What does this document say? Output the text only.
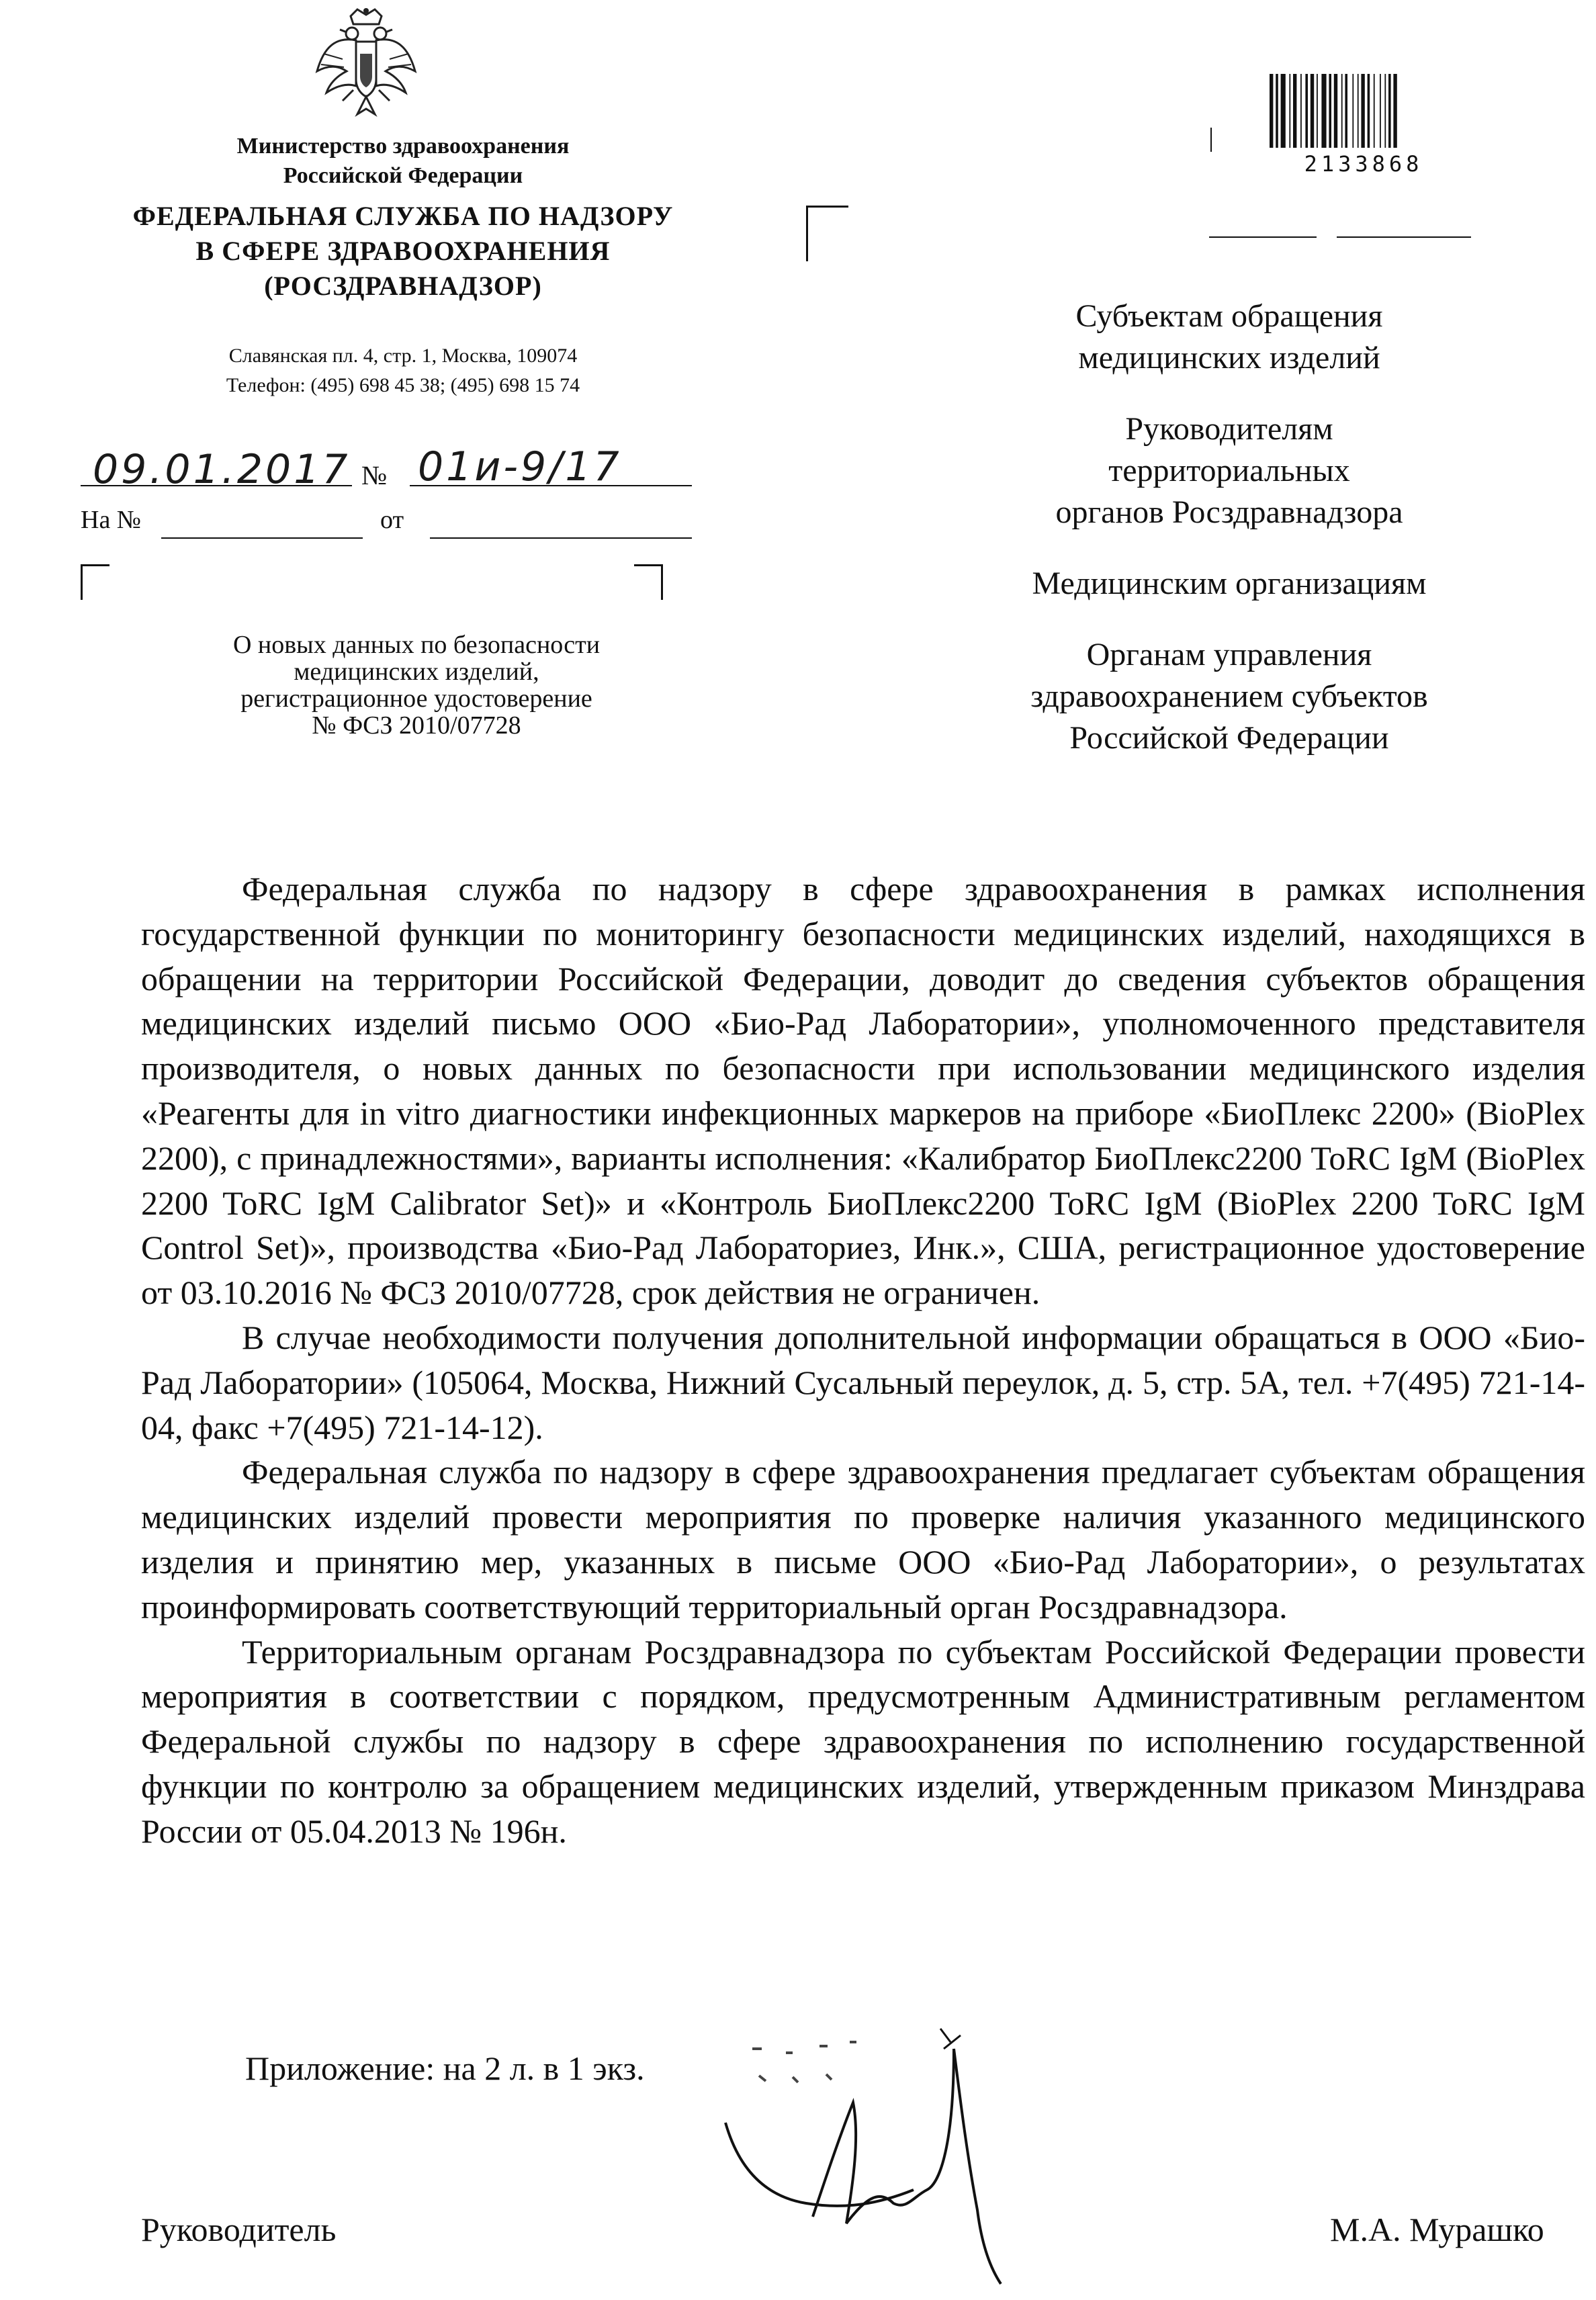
Министерство здравоохранения
Российской Федерации
ФЕДЕРАЛЬНАЯ СЛУЖБА ПО НАДЗОРУ
В СФЕРЕ ЗДРАВООХРАНЕНИЯ
(РОСЗДРАВНАДЗОР)
Славянская пл. 4, стр. 1, Москва, 109074
Телефон: (495) 698 45 38; (495) 698 15 74
09.01.2017 № 01и-9/17
На №	от
О новых данных по безопасности
медицинских изделий,
регистрационное удостоверение
№ ФСЗ 2010/07728
2133868

Субъектам обращения
медицинских изделий

Руководителям
территориальных
органов Росздравнадзора

Медицинским организациям

Органам управления
здравоохранением субъектов
Российской Федерации

Федеральная служба по надзору в сфере здравоохранения в рамках исполнения государственной функции по мониторингу безопасности медицинских изделий, находящихся в обращении на территории Российской Федерации, доводит до сведения субъектов обращения медицинских изделий письмо ООО «Био-Рад Лаборатории», уполномоченного представителя производителя, о новых данных по безопасности при использовании медицинского изделия «Реагенты для in vitro диагностики инфекционных маркеров на приборе «БиоПлекс 2200» (BioPlex 2200), с принадлежностями», варианты исполнения: «Калибратор БиоПлекс2200 ToRC IgM (BioPlex 2200 ToRC IgM Calibrator Set)» и «Контроль БиоПлекс2200 ToRC IgM (BioPlex 2200 ToRC IgM Control Set)», производства «Био-Рад Лабораториез, Инк.», США, регистрационное удостоверение от 03.10.2016 № ФСЗ 2010/07728, срок действия не ограничен.

В случае необходимости получения дополнительной информации обращаться в ООО «Био-Рад Лаборатории» (105064, Москва, Нижний Сусальный переулок, д. 5, стр. 5А, тел. +7(495) 721-14-04, факс +7(495) 721-14-12).

Федеральная служба по надзору в сфере здравоохранения предлагает субъектам обращения медицинских изделий провести мероприятия по проверке наличия указанного медицинского изделия и принятию мер, указанных в письме ООО «Био-Рад Лаборатории», о результатах проинформировать соответствующий территориальный орган Росздравнадзора.

Территориальным органам Росздравнадзора по субъектам Российской Федерации провести мероприятия в соответствии с порядком, предусмотренным Административным регламентом Федеральной службы по надзору в сфере здравоохранения по исполнению государственной функции по контролю за обращением медицинских изделий, утвержденным приказом Минздрава России от 05.04.2013 № 196н.

Приложение: на 2 л. в 1 экз.
Руководитель	М.А. Мурашко
